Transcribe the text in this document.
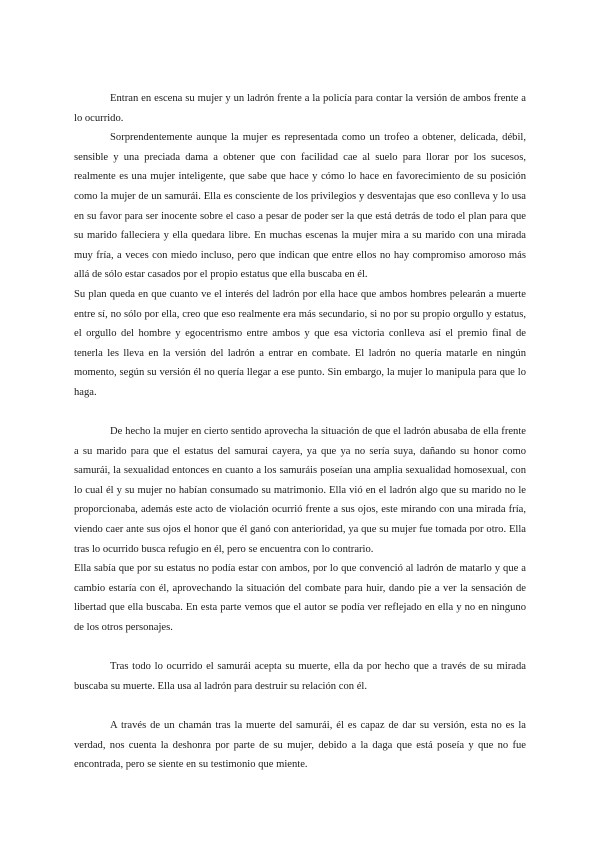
Entran en escena su mujer y un ladrón frente a la policía para contar la versión de ambos frente a lo ocurrido.

Sorprendentemente aunque la mujer es representada como un trofeo a obtener, delicada, débil, sensible y una preciada dama a obtener que con facilidad cae al suelo para llorar por los sucesos, realmente es una mujer inteligente, que sabe que hace y cómo lo hace en favorecimiento de su posición como la mujer de un samurái. Ella es consciente de los privilegios y desventajas que eso conlleva y lo usa en su favor para ser inocente sobre el caso a pesar de poder ser la que está detrás de todo el plan para que su marido falleciera y ella quedara libre. En muchas escenas la mujer mira a su marido con una mirada muy fría, a veces con miedo incluso, pero que indican que entre ellos no hay compromiso amoroso más allá de sólo estar casados por el propio estatus que ella buscaba en él.

Su plan queda en que cuanto ve el interés del ladrón por ella hace que ambos hombres pelearán a muerte entre sí, no sólo por ella, creo que eso realmente era más secundario, si no por su propio orgullo y estatus, el orgullo del hombre y egocentrismo entre ambos y que esa victoria conlleva así el premio final de tenerla les lleva en la versión del ladrón a entrar en combate. El ladrón no quería matarle en ningún momento, según su versión él no quería llegar a ese punto. Sin embargo, la mujer lo manipula para que lo haga.

De hecho la mujer en cierto sentido aprovecha la situación de que el ladrón abusaba de ella frente a su marido para que el estatus del samurai cayera, ya que ya no sería suya, dañando su honor como samurái, la sexualidad entonces en cuanto a los samuráis poseían una amplia sexualidad homosexual, con lo cual él y su mujer no habían consumado su matrimonio. Ella vió en el ladrón algo que su marido no le proporcionaba, además este acto de violación ocurrió frente a sus ojos, este mirando con una mirada fría, viendo caer ante sus ojos el honor que él ganó con anterioridad, ya que su mujer fue tomada por otro. Ella tras lo ocurrido busca refugio en él, pero se encuentra con lo contrario.

Ella sabía que por su estatus no podía estar con ambos, por lo que convenció al ladrón de matarlo y que a cambio estaría con él, aprovechando la situación del combate para huir, dando pie a ver la sensación de libertad que ella buscaba. En esta parte vemos que el autor se podía ver reflejado en ella y no en ninguno de los otros personajes.

Tras todo lo ocurrido el samurái acepta su muerte, ella da por hecho que a través de su mirada buscaba su muerte. Ella usa al ladrón para destruir su relación con él.

A través de un chamán tras la muerte del samurái, él es capaz de dar su versión, esta no es la verdad, nos cuenta la deshonra por parte de su mujer, debido a la daga que está poseía y que no fue encontrada, pero se siente en su testimonio que miente.
